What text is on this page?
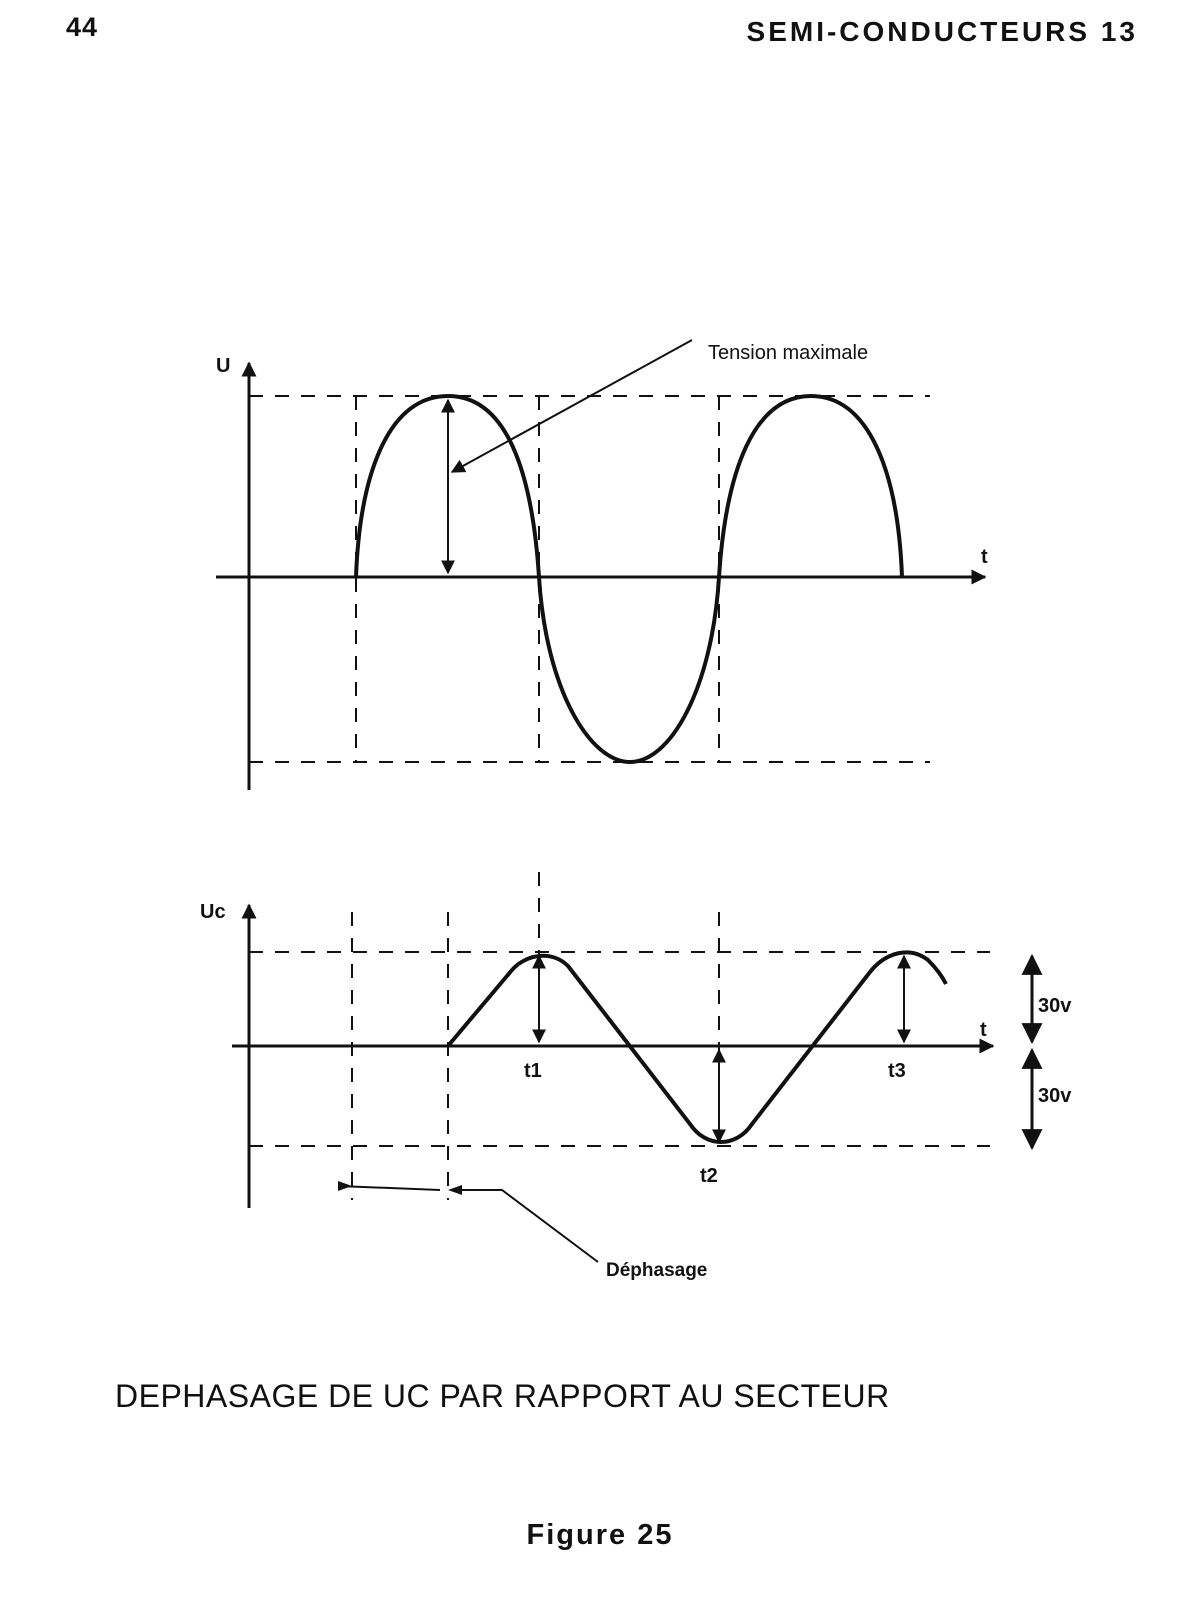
44	SEMI-CONDUCTEURS 13
U
t
Tension maximale
Uc
t
t1
t2
t3
30v
30v
Déphasage
DEPHASAGE DE UC PAR RAPPORT AU SECTEUR
Figure 25
